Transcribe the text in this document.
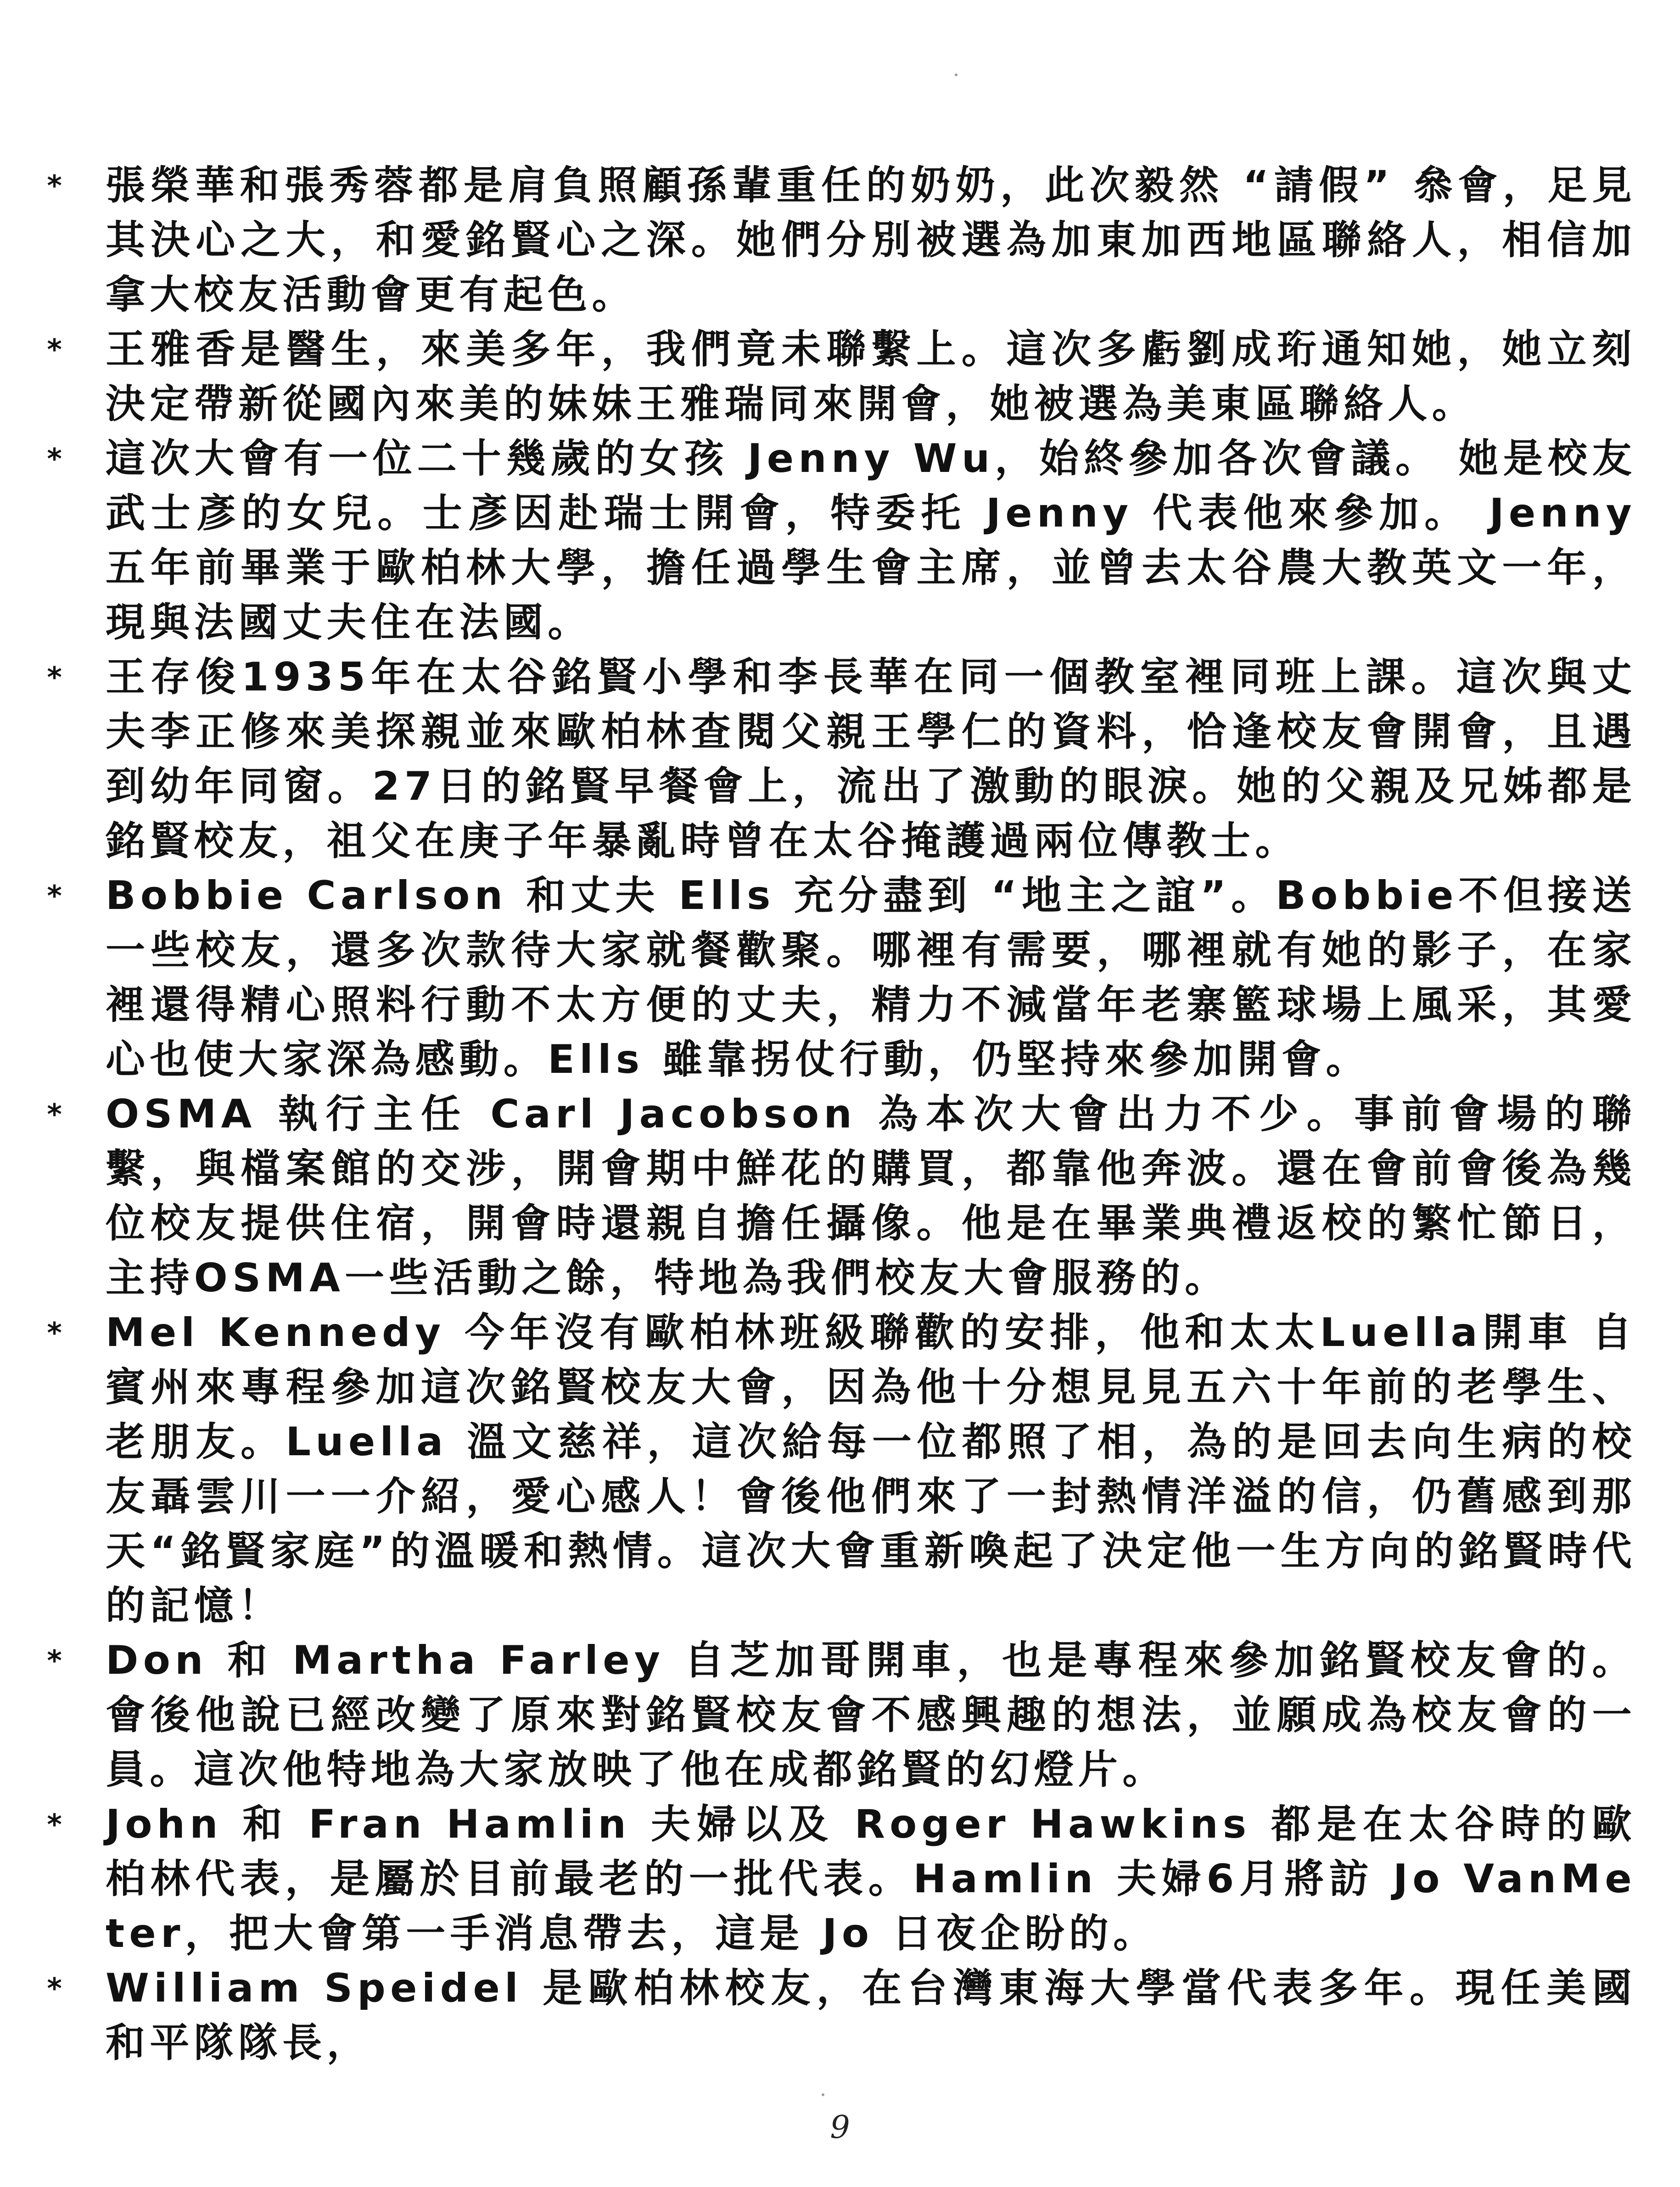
*	張榮華和張秀蓉都是肩負照顧孫輩重任的奶奶，此次毅然 “請假” 叅會，足見其決心之大，和愛銘賢心之深。她們分別被選為加東加西地區聯絡人，相信加拿大校友活動會更有起色。
*	王雅香是醫生，來美多年，我們竟未聯繫上。這次多虧劉成珩通知她，她立刻決定帶新從國內來美的妹妹王雅瑞同來開會，她被選為美東區聯絡人。
*	這次大會有一位二十幾歲的女孩 Jenny Wu，始終參加各次會議。 她是校友武士彥的女兒。士彥因赴瑞士開會，特委托 Jenny 代表他來參加。 Jenny 五年前畢業于歐柏林大學，擔任過學生會主席，並曾去太谷農大教英文一年，現與法國丈夫住在法國。
*	王存俊1935年在太谷銘賢小學和李長華在同一個教室裡同班上課。這次與丈夫李正修來美探親並來歐柏林查閱父親王學仁的資料，恰逢校友會開會，且遇到幼年同窗。27日的銘賢早餐會上，流出了激動的眼淚。她的父親及兄姊都是銘賢校友，祖父在庚子年暴亂時曾在太谷掩護過兩位傳教士。
*	Bobbie Carlson 和丈夫 Ells 充分盡到 “地主之誼”。Bobbie不但接送一些校友，還多次款待大家就餐歡聚。哪裡有需要，哪裡就有她的影子，在家裡還得精心照料行動不太方便的丈夫，精力不減當年老寨籃球場上風采，其愛心也使大家深為感動。Ells 雖靠拐仗行動，仍堅持來參加開會。
*	OSMA 執行主任 Carl Jacobson 為本次大會出力不少。事前會場的聯繫，與檔案館的交涉，開會期中鮮花的購買，都靠他奔波。還在會前會後為幾位校友提供住宿，開會時還親自擔任攝像。他是在畢業典禮返校的繁忙節日，主持OSMA一些活動之餘，特地為我們校友大會服務的。
*	Mel Kennedy 今年沒有歐柏林班級聯歡的安排，他和太太Luella開車 自賓州來專程參加這次銘賢校友大會，因為他十分想見見五六十年前的老學生、老朋友。Luella 溫文慈祥，這次給每一位都照了相，為的是回去向生病的校友聶雲川一一介紹，愛心感人！會後他們來了一封熱情洋溢的信，仍舊感到那天“銘賢家庭”的溫暖和熱情。這次大會重新喚起了決定他一生方向的銘賢時代的記憶！
*	Don 和 Martha Farley 自芝加哥開車，也是專程來參加銘賢校友會的。會後他說已經改變了原來對銘賢校友會不感興趣的想法，並願成為校友會的一員。這次他特地為大家放映了他在成都銘賢的幻燈片。
*	John 和 Fran Hamlin 夫婦以及 Roger Hawkins 都是在太谷時的歐柏林代表，是屬於目前最老的一批代表。Hamlin 夫婦6月將訪 Jo VanMeter，把大會第一手消息帶去，這是 Jo 日夜企盼的。
*	William Speidel 是歐柏林校友，在台灣東海大學當代表多年。現任美國和平隊隊長，
9
